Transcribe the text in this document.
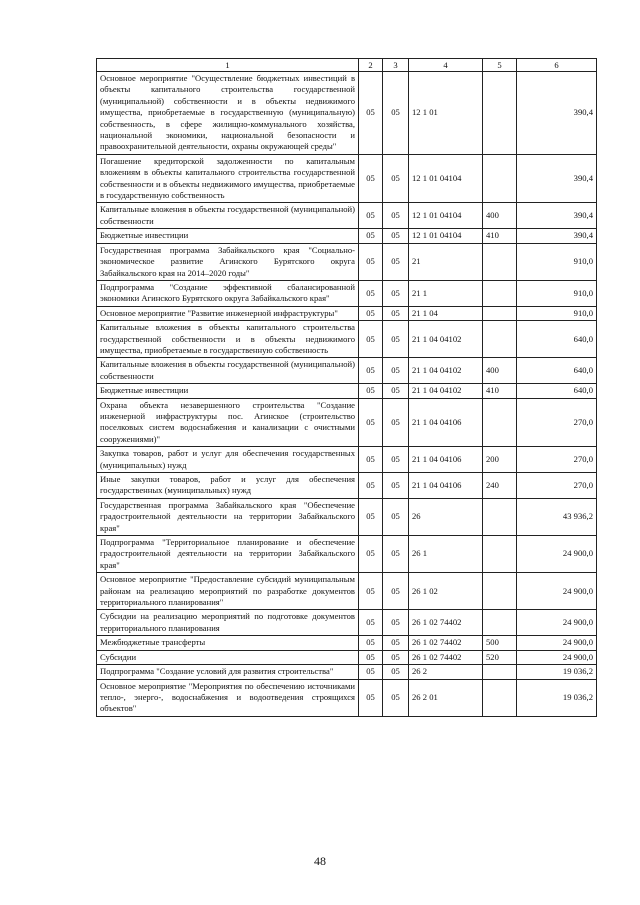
1	2	3	4	5	6
Основное мероприятие "Осуществление бюджетных инвестиций в объекты капитального строительства государственной (муниципальной) собственности и в объекты недвижимого имущества, приобретаемые в государственную (муниципальную) собственность, в сфере жилищно-коммунального хозяйства, национальной экономики, национальной безопасности и правоохранительной деятельности, охраны окружающей среды"	05	05	12 1 01		390,4
Погашение кредиторской задолженности по капитальным вложениям в объекты капитального строительства государственной собственности и в объекты недвижимого имущества, приобретаемые в государственную собственность	05	05	12 1 01 04104		390,4
Капитальные вложения в объекты государственной (муниципальной) собственности	05	05	12 1 01 04104	400	390,4
Бюджетные инвестиции	05	05	12 1 01 04104	410	390,4
Государственная программа Забайкальского края "Социально-экономическое развитие Агинского Бурятского округа Забайкальского края на 2014–2020 годы"	05	05	21		910,0
Подпрограмма "Создание эффективной сбалансированной экономики Агинского Бурятского округа Забайкальского края"	05	05	21 1		910,0
Основное мероприятие "Развитие инженерной инфраструктуры"	05	05	21 1 04		910,0
Капитальные вложения в объекты капитального строительства государственной собственности и в объекты недвижимого имущества, приобретаемые в государственную собственность	05	05	21 1 04 04102		640,0
Капитальные вложения в объекты государственной (муниципальной) собственности	05	05	21 1 04 04102	400	640,0
Бюджетные инвестиции	05	05	21 1 04 04102	410	640,0
Охрана объекта незавершенного строительства "Создание инженерной инфраструктуры пос. Агинское (строительство поселковых систем водоснабжения и канализации с очистными сооружениями)"	05	05	21 1 04 04106		270,0
Закупка товаров, работ и услуг для обеспечения государственных (муниципальных) нужд	05	05	21 1 04 04106	200	270,0
Иные закупки товаров, работ и услуг для обеспечения государственных (муниципальных) нужд	05	05	21 1 04 04106	240	270,0
Государственная программа Забайкальского края "Обеспечение градостроительной деятельности на территории Забайкальского края"	05	05	26		43 936,2
Подпрограмма "Территориальное планирование и обеспечение градостроительной деятельности на территории Забайкальского края"	05	05	26 1		24 900,0
Основное мероприятие "Предоставление субсидий муниципальным районам на реализацию мероприятий по разработке документов территориального планирования"	05	05	26 1 02		24 900,0
Субсидии на реализацию мероприятий по подготовке документов территориального планирования	05	05	26 1 02 74402		24 900,0
Межбюджетные трансферты	05	05	26 1 02 74402	500	24 900,0
Субсидии	05	05	26 1 02 74402	520	24 900,0
Подпрограмма "Создание условий для развития строительства"	05	05	26 2		19 036,2
Основное мероприятие "Мероприятия по обеспечению источниками тепло-, энерго-, водоснабжения и водоотведения строящихся объектов"	05	05	26 2 01		19 036,2
48
